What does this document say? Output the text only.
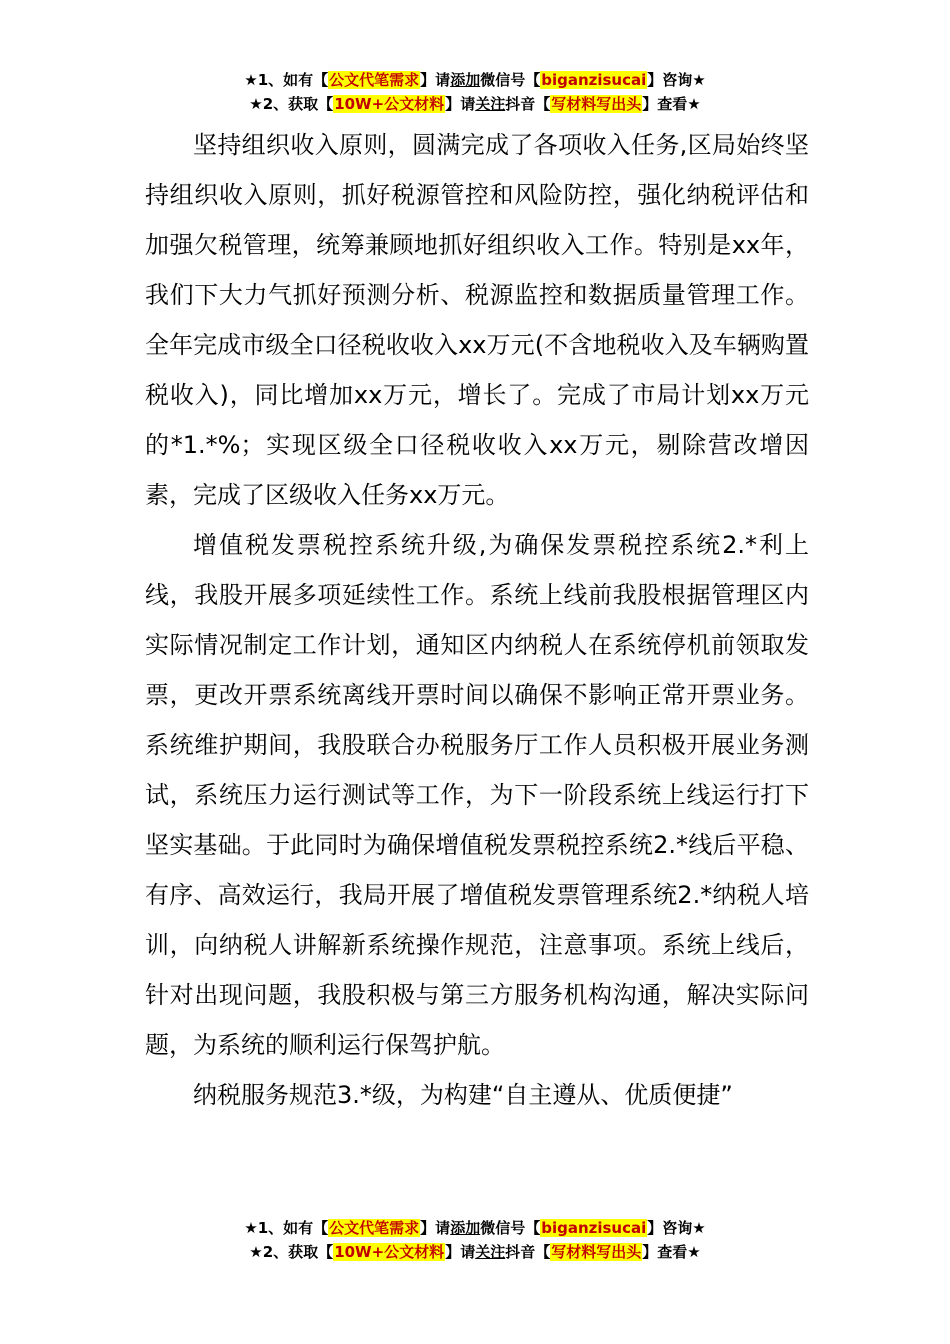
★1、如有【公文代笔需求】请添加微信号【biganzisucai】咨询★
★2、获取【10W+公文材料】请关注抖音【写材料写出头】查看★

坚持组织收入原则，圆满完成了各项收入任务,区局始终坚持组织收入原则，抓好税源管控和风险防控，强化纳税评估和加强欠税管理，统筹兼顾地抓好组织收入工作。特别是xx年，我们下大力气抓好预测分析、税源监控和数据质量管理工作。全年完成市级全口径税收收入xx万元(不含地税收入及车辆购置税收入)，同比增加xx万元，增长了。完成了市局计划xx万元的*1.*%；实现区级全口径税收收入xx万元，剔除营改增因素，完成了区级收入任务xx万元。

增值税发票税控系统升级,为确保发票税控系统2.*利上线，我股开展多项延续性工作。系统上线前我股根据管理区内实际情况制定工作计划，通知区内纳税人在系统停机前领取发票，更改开票系统离线开票时间以确保不影响正常开票业务。系统维护期间，我股联合办税服务厅工作人员积极开展业务测试，系统压力运行测试等工作，为下一阶段系统上线运行打下坚实基础。于此同时为确保增值税发票税控系统2.*线后平稳、有序、高效运行，我局开展了增值税发票管理系统2.*纳税人培训，向纳税人讲解新系统操作规范，注意事项。系统上线后，针对出现问题，我股积极与第三方服务机构沟通，解决实际问题，为系统的顺利运行保驾护航。

纳税服务规范3.*级，为构建“自主遵从、优质便捷”

★1、如有【公文代笔需求】请添加微信号【biganzisucai】咨询★
★2、获取【10W+公文材料】请关注抖音【写材料写出头】查看★
